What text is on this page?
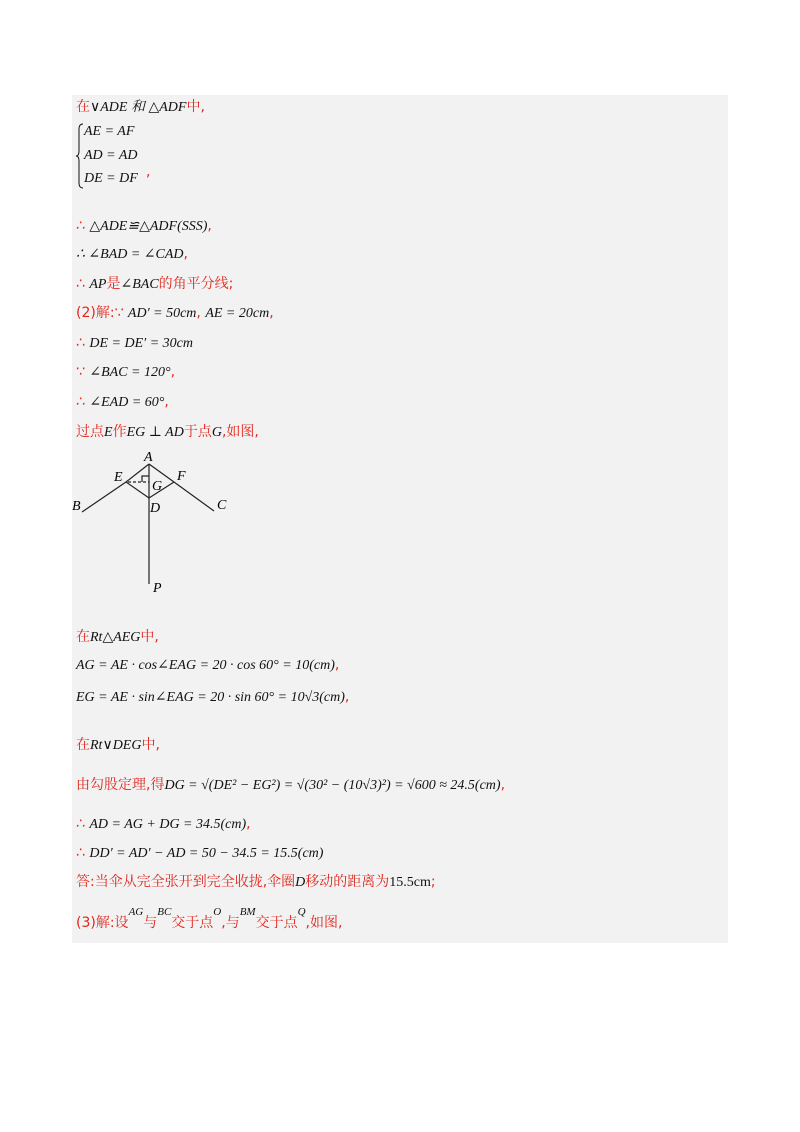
在∨ADE 和 △ADF中,
AE = AF
AD = AD
DE = DF ,
∴ △ADE≌△ADF(SSS),
∴ ∠BAD = ∠CAD,
∴ AP是∠BAC的角平分线;
(2)解:∵ AD′ = 50cm, AE = 20cm,
∴ DE = DE′ = 30cm
∵ ∠BAC = 120°,
∴ ∠EAD = 60°,
过点E作EG ⊥ AD于点G,如图,
A
E	F
G
B	D	C
P
在Rt△AEG中,
AG = AE · cos∠EAG = 20 · cos 60° = 10(cm),
EG = AE · sin∠EAG = 20 · sin 60° = 10√3(cm),
在Rt∨DEG中,
由勾股定理,得DG = √(DE² − EG²) = √(30² − (10√3)²) = √600 ≈ 24.5(cm),
∴ AD = AG + DG = 34.5(cm),
∴ DD′ = AD′ − AD = 50 − 34.5 = 15.5(cm)
答:当伞从完全张开到完全收拢,伞圈D移动的距离为15.5cm;
(3)解:设$^{AG}$与$^{BC}$交于点$^O$,与$^{BM}$交于点$^Q$,如图,
